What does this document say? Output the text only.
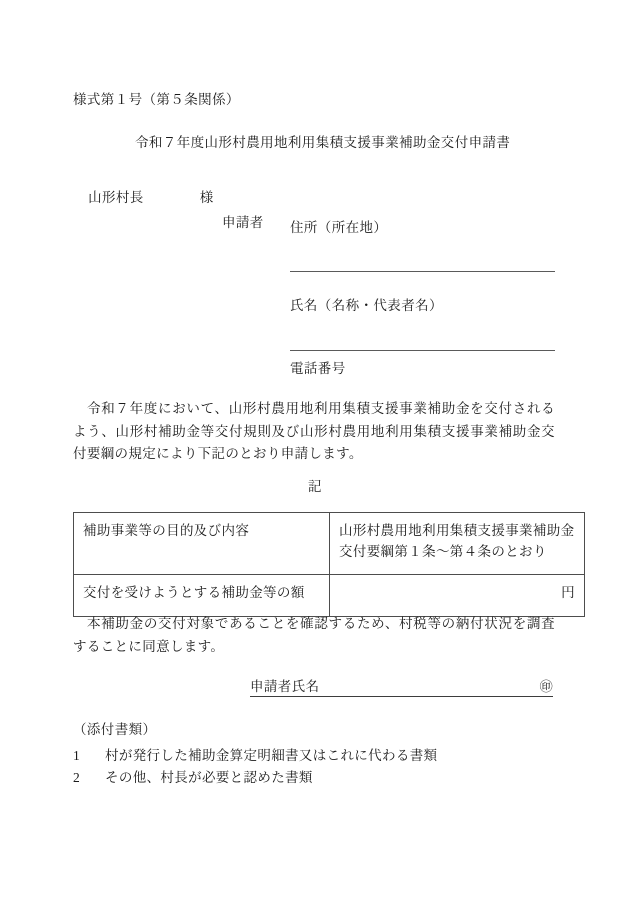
様式第１号（第５条関係）
令和７年度山形村農用地利用集積支援事業補助金交付申請書

山形村長	様

申請者 住所（所在地）
氏名（名称・代表者名）
電話番号
令和７年度において、山形村農用地利用集積支援事業補助金を交付されるよう、山形村補助金等交付規則及び山形村農用地利用集積支援事業補助金交付要綱の規定により下記のとおり申請します。
記
補助事業等の目的及び内容	山形村農用地利用集積支援事業補助金交付要綱第１条～第４条のとおり
交付を受けようとする補助金等の額	円
本補助金の交付対象であることを確認するため、村税等の納付状況を調査することに同意します。
申請者氏名	㊞
（添付書類）
1 村が発行した補助金算定明細書又はこれに代わる書類
2 その他、村長が必要と認めた書類
